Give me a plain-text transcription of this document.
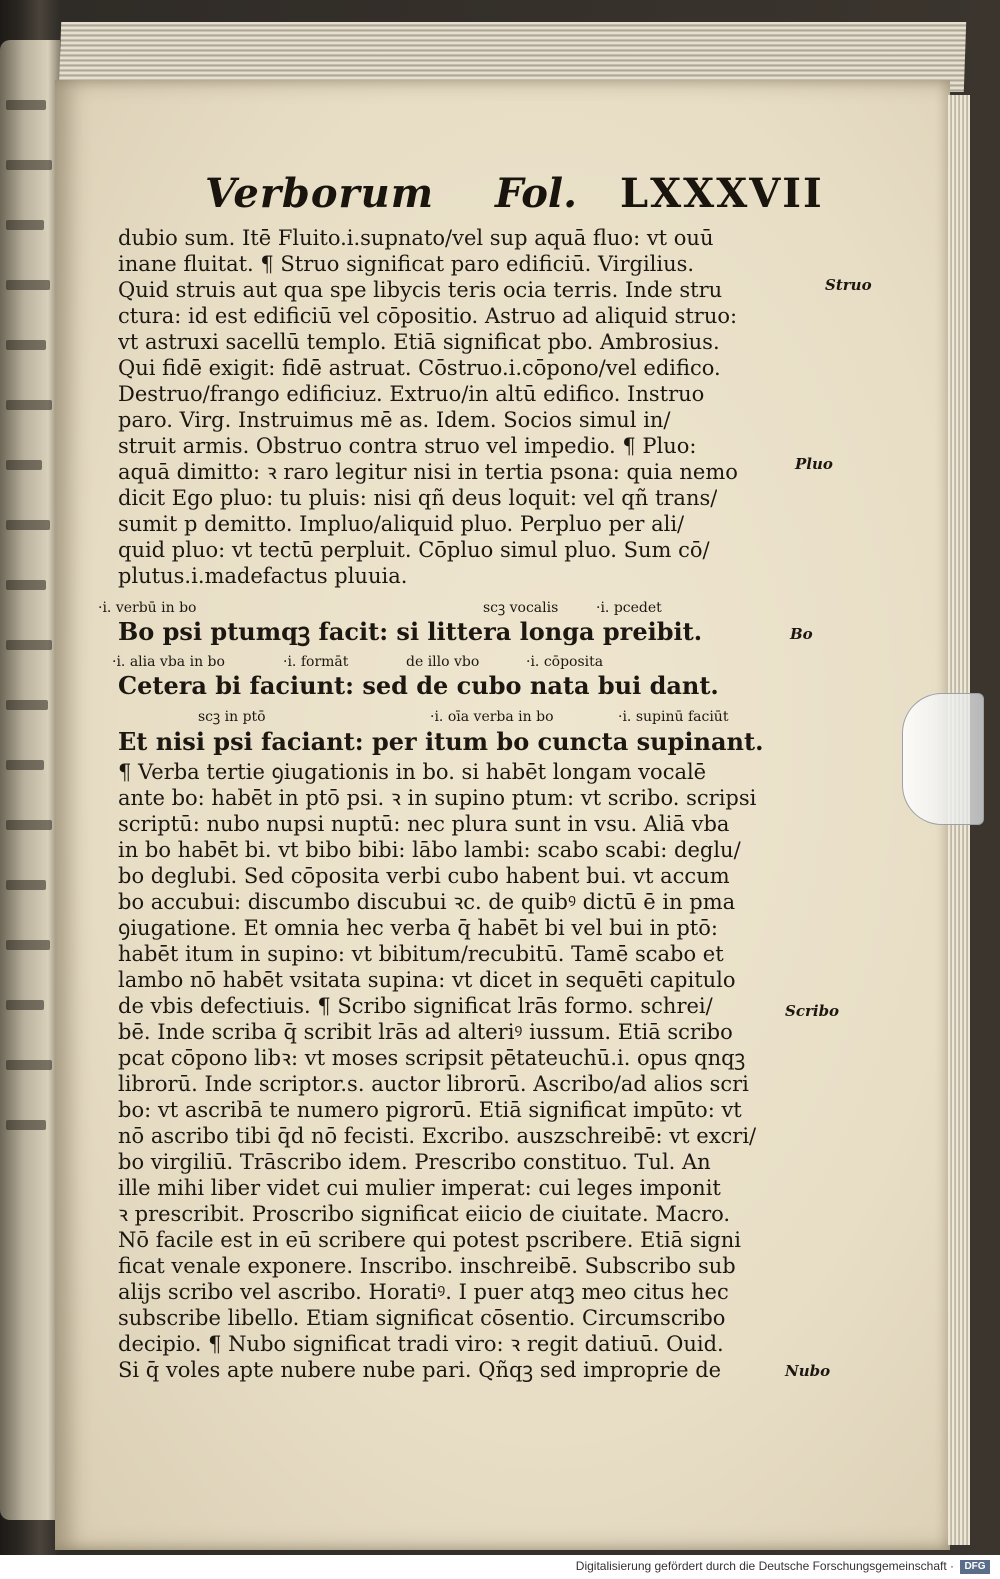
Verborum Fol. LXXXVII
dubio sum. Itē Fluito.i.supnato/vel sup aquā fluo: vt ouū
inane fluitat. ¶ Struo significat paro edificiū. Virgilius.
Quid struis aut qua spe libycis teris ocia terris. Inde stru
ctura: id est edificiū vel cōpositio. Astruo ad aliquid struo:
vt astruxi sacellū templo. Etiā significat pbo. Ambrosius.
Qui fidē exigit: fidē astruat. Cōstruo.i.cōpono/vel edifico.
Destruo/frango edificiuz. Extruo/in altū edifico. Instruo
paro. Virg. Instruimus mē as. Idem. Socios simul in/
struit armis. Obstruo contra struo vel impedio. ¶ Pluo:
aquā dimitto: ꝛ raro legitur nisi in tertia psona: quia nemo
dicit Ego pluo: tu pluis: nisi qñ deus loquit: vel qñ trans/
sumit p demitto. Impluo/aliquid pluo. Perpluo per ali/
quid pluo: vt tectū perpluit. Cōpluo simul pluo. Sum cō/
plutus.i.madefactus pluuia.
·i. verbū in bo	scꝫ vocalis	·i. pcedet
Bo psi ptumqꝫ facit: si littera longa preibit.
·i. alia vba in bo	·i. formāt	de illo vbo	·i. cōposita
Cetera bi faciunt: sed de cubo nata bui dant.
scꝫ in ptō	·i. oīa verba in bo	·i. supinū faciūt
Et nisi psi faciant: per itum bo cuncta supinant.
¶ Verba tertie ꝯiugationis in bo. si habēt longam vocalē
ante bo: habēt in ptō psi. ꝛ in supino ptum: vt scribo. scripsi
scriptū: nubo nupsi nuptū: nec plura sunt in vsu. Aliā vba
in bo habēt bi. vt bibo bibi: lābo lambi: scabo scabi: deglu/
bo deglubi. Sed cōposita verbi cubo habent bui. vt accum
bo accubui: discumbo discubui ꝛc. de quibꝰ dictū ē in pma
ꝯiugatione. Et omnia hec verba q̄ habēt bi vel bui in ptō:
habēt itum in supino: vt bibitum/recubitū. Tamē scabo et
lambo nō habēt vsitata supina: vt dicet in sequēti capitulo
de vbis defectiuis. ¶ Scribo significat lrās formo. schrei/
bē. Inde scriba q̄ scribit lrās ad alteriꝰ iussum. Etiā scribo
pcat cōpono libꝛ: vt moses scripsit pētateuchū.i. opus qnqꝫ
librorū. Inde scriptor.s. auctor librorū. Ascribo/ad alios scri
bo: vt ascribā te numero pigrorū. Etiā significat impūto: vt
nō ascribo tibi q̄d nō fecisti. Excribo. auszschreibē: vt excri/
bo virgiliū. Trāscribo idem. Prescribo constituo. Tul. An
ille mihi liber videt cui mulier imperat: cui leges imponit
ꝛ prescribit. Proscribo significat eiicio de ciuitate. Macro.
Nō facile est in eū scribere qui potest pscribere. Etiā signi
ficat venale exponere. Inscribo. inschreibē. Subscribo sub
alijs scribo vel ascribo. Horatiꝰ. I puer atqꝫ meo citus hec
subscribe libello. Etiam significat cōsentio. Circumscribo
decipio. ¶ Nubo significat tradi viro: ꝛ regit datiuū. Ouid.
Si q̄ voles apte nubere nube pari. Qñqꝫ sed improprie de
Struo
Pluo
Bo
Scribo
Nubo
Digitalisierung gefördert durch die Deutsche Forschungsgemeinschaft ·	DFG
